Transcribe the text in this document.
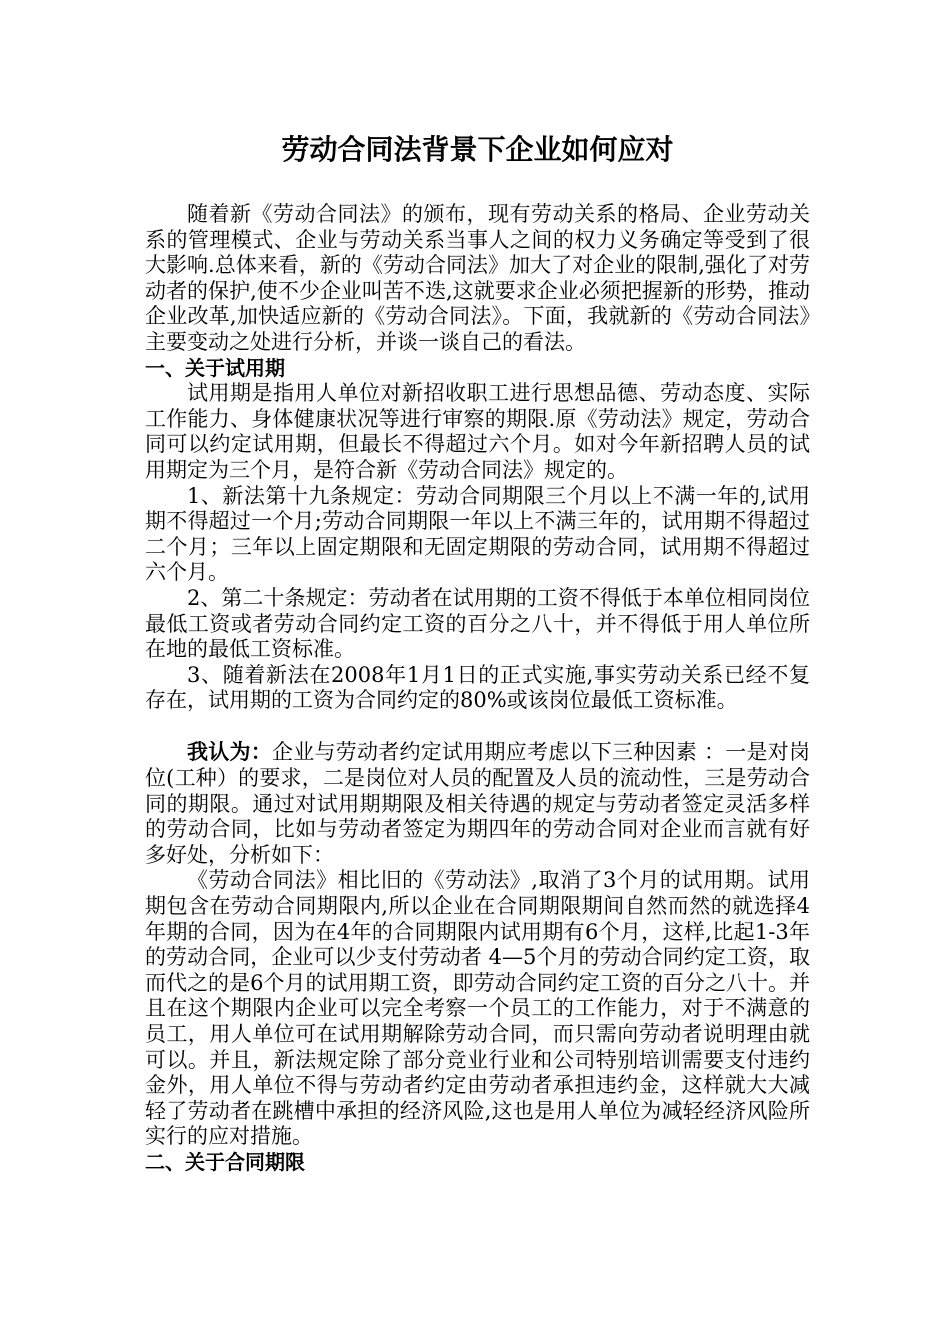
劳动合同法背景下企业如何应对

随着新《劳动合同法》的颁布，现有劳动关系的格局、企业劳动关系的管理模式、企业与劳动关系当事人之间的权力义务确定等受到了很大影响.总体来看，新的《劳动合同法》加大了对企业的限制,强化了对劳动者的保护,使不少企业叫苦不迭,这就要求企业必须把握新的形势，推动企业改革,加快适应新的《劳动合同法》。下面，我就新的《劳动合同法》主要变动之处进行分析，并谈一谈自己的看法。

一、关于试用期

试用期是指用人单位对新招收职工进行思想品德、劳动态度、实际工作能力、身体健康状况等进行审察的期限.原《劳动法》规定，劳动合同可以约定试用期，但最长不得超过六个月。如对今年新招聘人员的试用期定为三个月，是符合新《劳动合同法》规定的。

1、新法第十九条规定：劳动合同期限三个月以上不满一年的,试用期不得超过一个月;劳动合同期限一年以上不满三年的，试用期不得超过二个月；三年以上固定期限和无固定期限的劳动合同，试用期不得超过六个月。

2、第二十条规定：劳动者在试用期的工资不得低于本单位相同岗位最低工资或者劳动合同约定工资的百分之八十，并不得低于用人单位所在地的最低工资标准。

3、随着新法在2008年1月1日的正式实施,事实劳动关系已经不复存在，试用期的工资为合同约定的80%或该岗位最低工资标准。

我认为：企业与劳动者约定试用期应考虑以下三种因素 ：一是对岗位(工种）的要求，二是岗位对人员的配置及人员的流动性，三是劳动合同的期限。通过对试用期期限及相关待遇的规定与劳动者签定灵活多样的劳动合同，比如与劳动者签定为期四年的劳动合同对企业而言就有好多好处，分析如下：

《劳动合同法》相比旧的《劳动法》,取消了3个月的试用期。试用期包含在劳动合同期限内,所以企业在合同期限期间自然而然的就选择4年期的合同，因为在4年的合同期限内试用期有6个月，这样,比起1-3年的劳动合同，企业可以少支付劳动者 4—5个月的劳动合同约定工资，取而代之的是6个月的试用期工资，即劳动合同约定工资的百分之八十。并且在这个期限内企业可以完全考察一个员工的工作能力，对于不满意的员工，用人单位可在试用期解除劳动合同，而只需向劳动者说明理由就可以。并且，新法规定除了部分竞业行业和公司特别培训需要支付违约金外，用人单位不得与劳动者约定由劳动者承担违约金，这样就大大减轻了劳动者在跳槽中承担的经济风险,这也是用人单位为减轻经济风险所实行的应对措施。

二、关于合同期限
